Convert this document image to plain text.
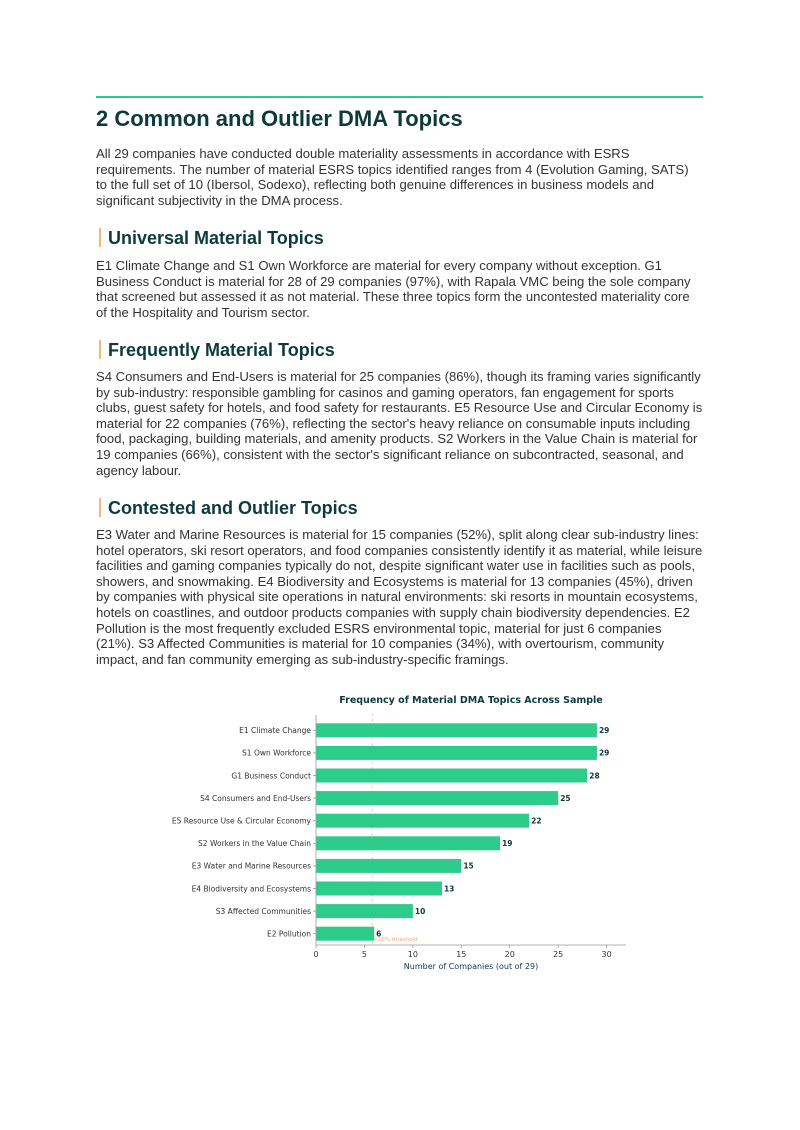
2 Common and Outlier DMA Topics

All 29 companies have conducted double materiality assessments in accordance with ESRS requirements. The number of material ESRS topics identified ranges from 4 (Evolution Gaming, SATS) to the full set of 10 (Ibersol, Sodexo), reflecting both genuine differences in business models and significant subjectivity in the DMA process.

Universal Material Topics

E1 Climate Change and S1 Own Workforce are material for every company without exception. G1 Business Conduct is material for 28 of 29 companies (97%), with Rapala VMC being the sole company that screened but assessed it as not material. These three topics form the uncontested materiality core of the Hospitality and Tourism sector.

Frequently Material Topics

S4 Consumers and End-Users is material for 25 companies (86%), though its framing varies significantly by sub-industry: responsible gambling for casinos and gaming operators, fan engagement for sports clubs, guest safety for hotels, and food safety for restaurants. E5 Resource Use and Circular Economy is material for 22 companies (76%), reflecting the sector's heavy reliance on consumable inputs including food, packaging, building materials, and amenity products. S2 Workers in the Value Chain is material for 19 companies (66%), consistent with the sector's significant reliance on subcontracted, seasonal, and agency labour.

Contested and Outlier Topics

E3 Water and Marine Resources is material for 15 companies (52%), split along clear sub-industry lines: hotel operators, ski resort operators, and food companies consistently identify it as material, while leisure facilities and gaming companies typically do not, despite significant water use in facilities such as pools, showers, and snowmaking. E4 Biodiversity and Ecosystems is material for 13 companies (45%), driven by companies with physical site operations in natural environments: ski resorts in mountain ecosystems, hotels on coastlines, and outdoor products companies with supply chain biodiversity dependencies. E2 Pollution is the most frequently excluded ESRS environmental topic, material for just 6 companies (21%). S3 Affected Communities is material for 10 companies (34%), with overtourism, community impact, and fan community emerging as sub-industry-specific framings.

Frequency of Material DMA Topics Across Sample
E1 Climate Change	29
S1 Own Workforce	29
G1 Business Conduct	28
S4 Consumers and End-Users	25
E5 Resource Use & Circular Economy	22
S2 Workers in the Value Chain	19
E3 Water and Marine Resources	15
E4 Biodiversity and Ecosystems	13
S3 Affected Communities	10
E2 Pollution	6
<20% threshold
0	5	10	15	20	25	30
Number of Companies (out of 29)
